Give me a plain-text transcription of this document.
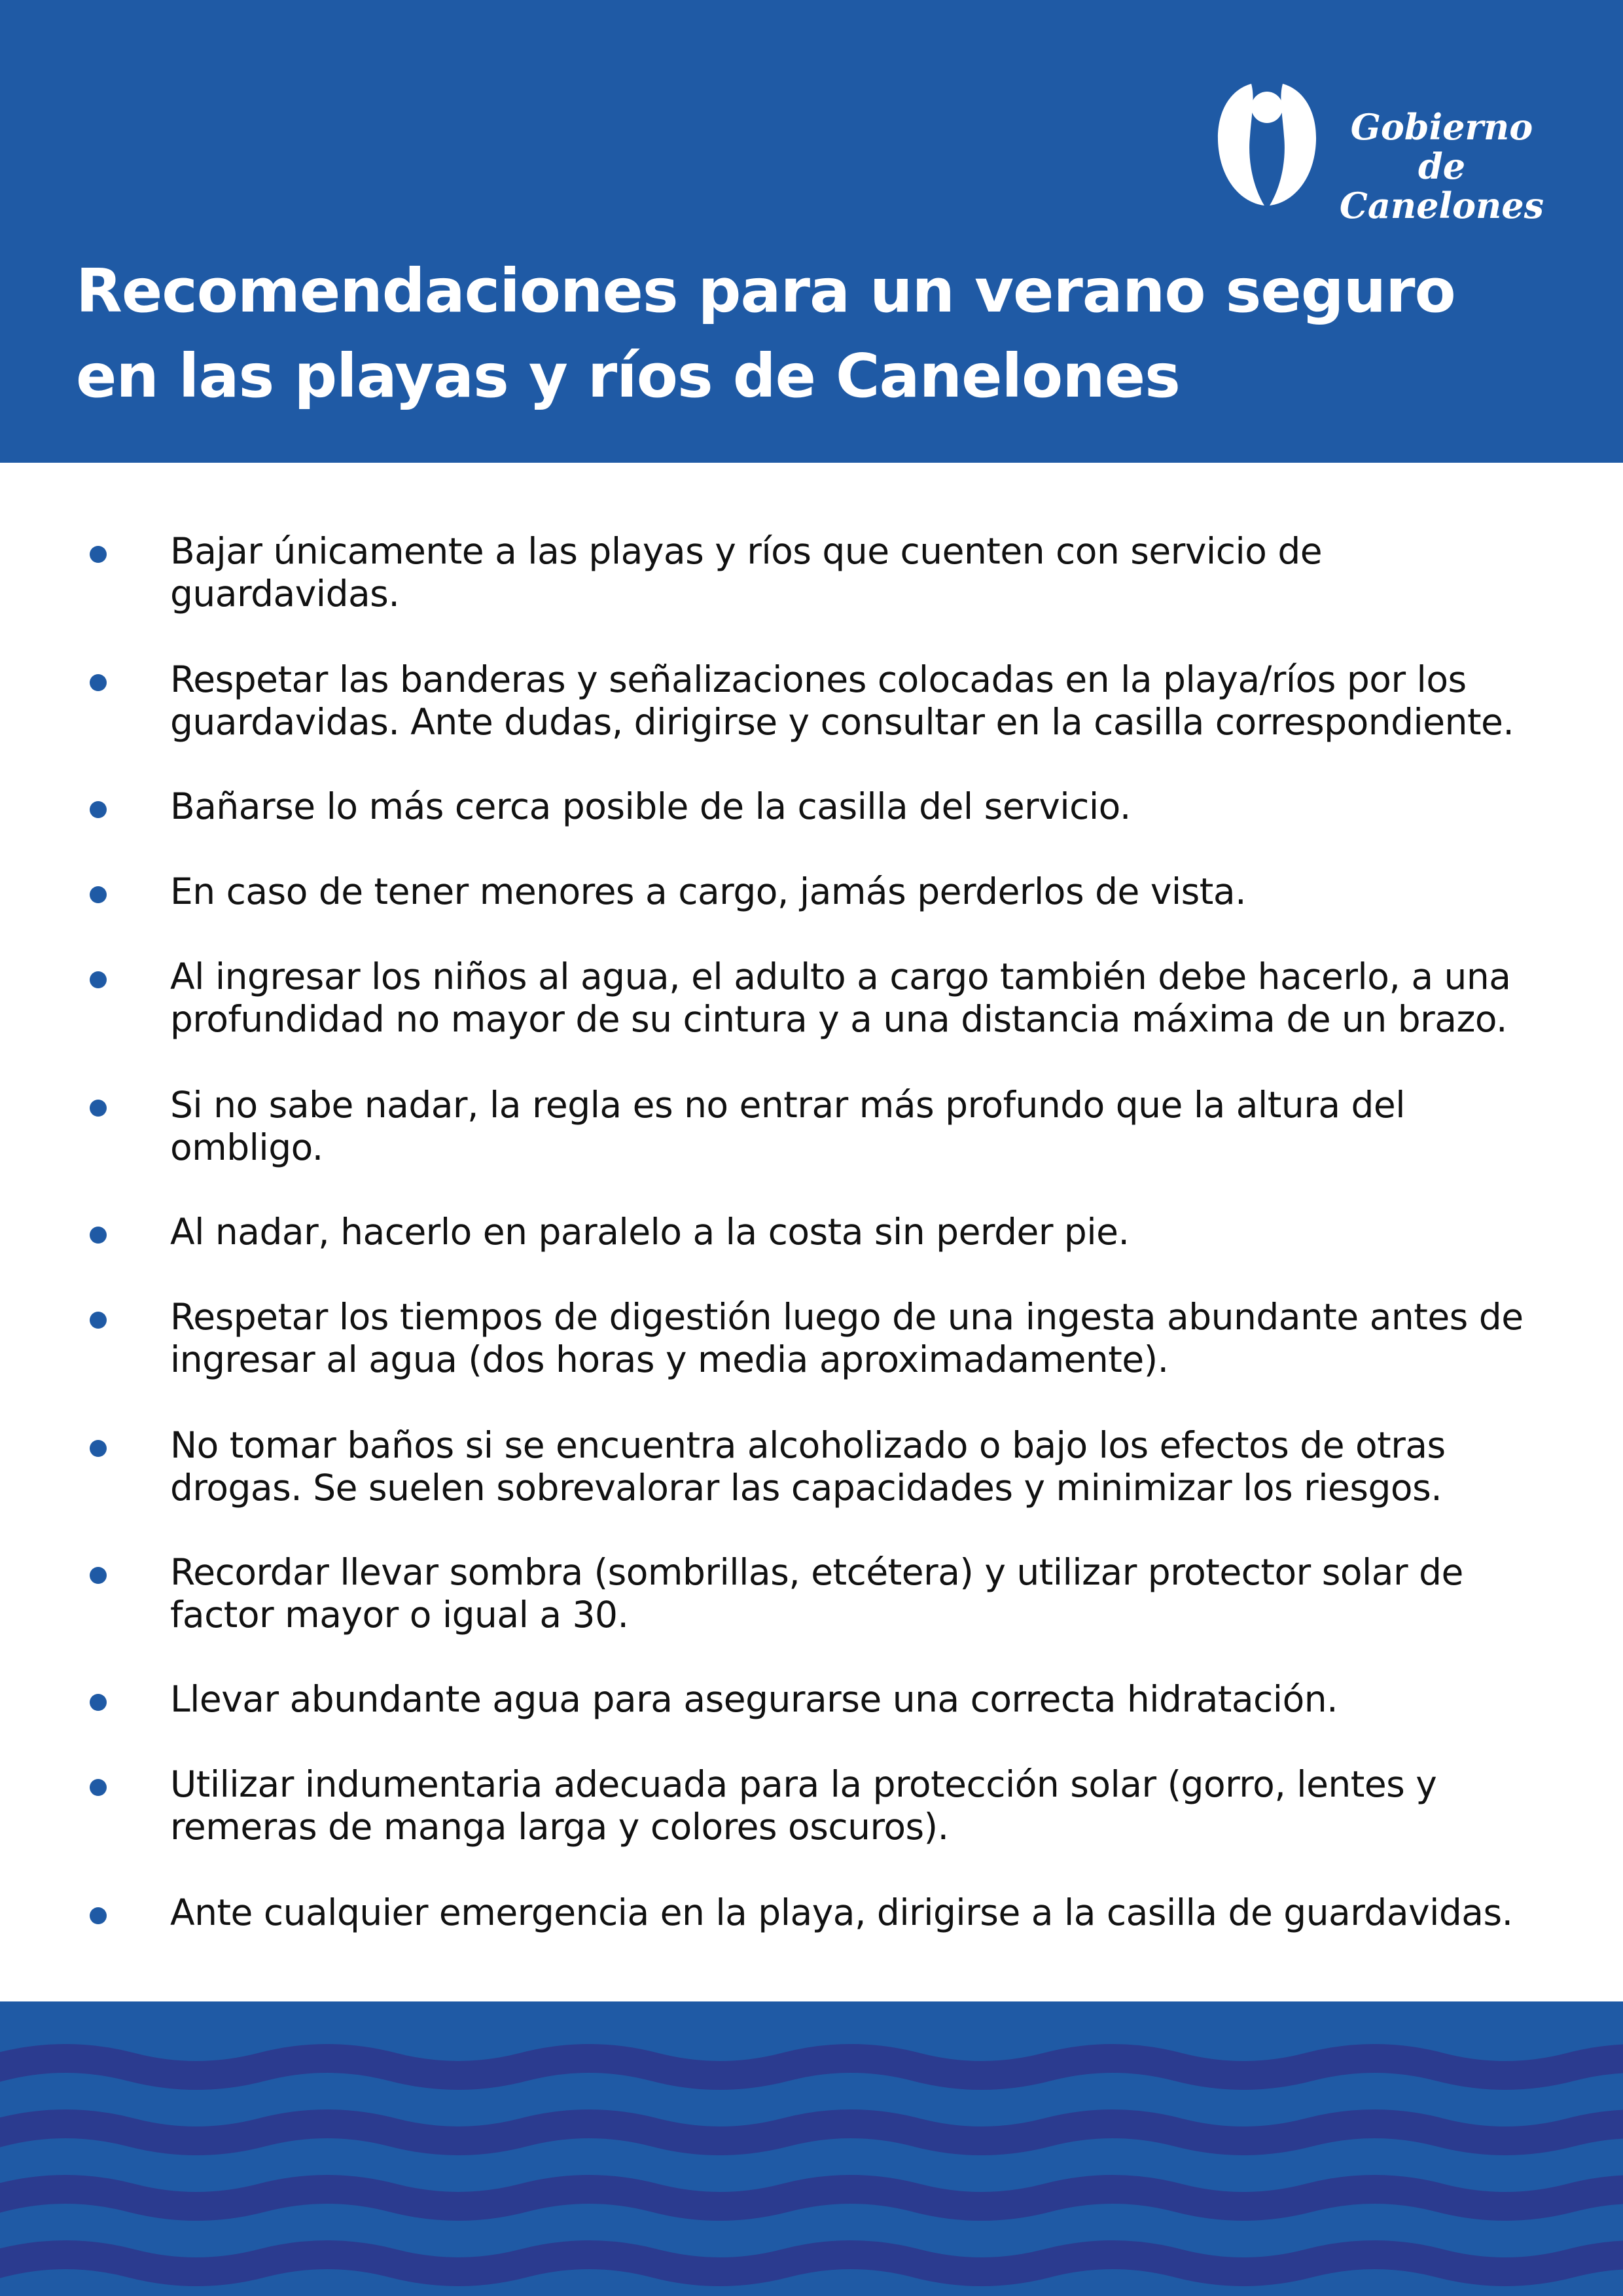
Gobierno de
Canelones
Recomendaciones para un verano seguro
en las playas y ríos de Canelones
Bajar únicamente a las playas y ríos que cuenten con servicio de
guardavidas.
Respetar las banderas y señalizaciones colocadas en la playa/ríos por los
guardavidas. Ante dudas, dirigirse y consultar en la casilla correspondiente.
Bañarse lo más cerca posible de la casilla del servicio.
En caso de tener menores a cargo, jamás perderlos de vista.
Al ingresar los niños al agua, el adulto a cargo también debe hacerlo, a una
profundidad no mayor de su cintura y a una distancia máxima de un brazo.
Si no sabe nadar, la regla es no entrar más profundo que la altura del
ombligo.
Al nadar, hacerlo en paralelo a la costa sin perder pie.
Respetar los tiempos de digestión luego de una ingesta abundante antes de
ingresar al agua (dos horas y media aproximadamente).
No tomar baños si se encuentra alcoholizado o bajo los efectos de otras
drogas. Se suelen sobrevalorar las capacidades y minimizar los riesgos.
Recordar llevar sombra (sombrillas, etcétera) y utilizar protector solar de
factor mayor o igual a 30.
Llevar abundante agua para asegurarse una correcta hidratación.
Utilizar indumentaria adecuada para la protección solar (gorro, lentes y
remeras de manga larga y colores oscuros).
Ante cualquier emergencia en la playa, dirigirse a la casilla de guardavidas.
